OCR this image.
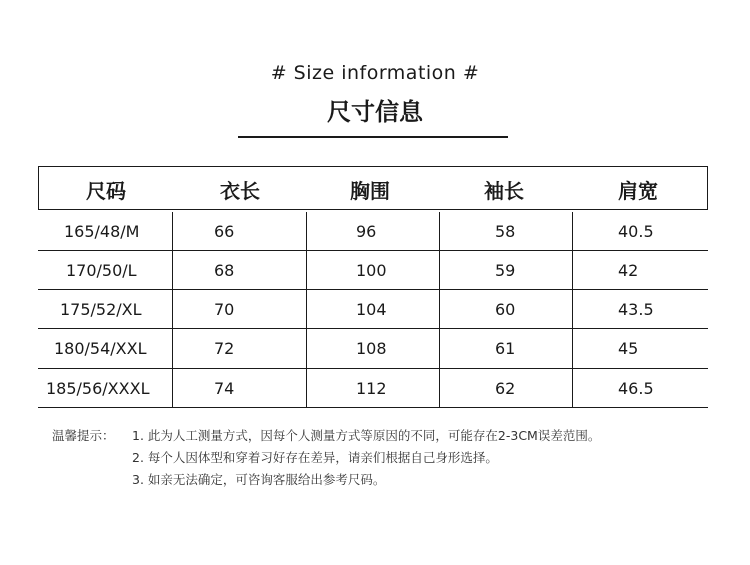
# Size information #
尺寸信息
尺码	衣长	胸围	袖长	肩宽
165/48/M	66	96	58	40.5
170/50/L	68	100	59	42
175/52/XL	70	104	60	43.5
180/54/XXL	72	108	61	45
185/56/XXXL	74	112	62	46.5
温馨提示： 1. 此为人工测量方式，因每个人测量方式等原因的不同，可能存在2-3CM误差范围。
2. 每个人因体型和穿着习好存在差异，请亲们根据自己身形选择。
3. 如亲无法确定，可咨询客服给出参考尺码。
